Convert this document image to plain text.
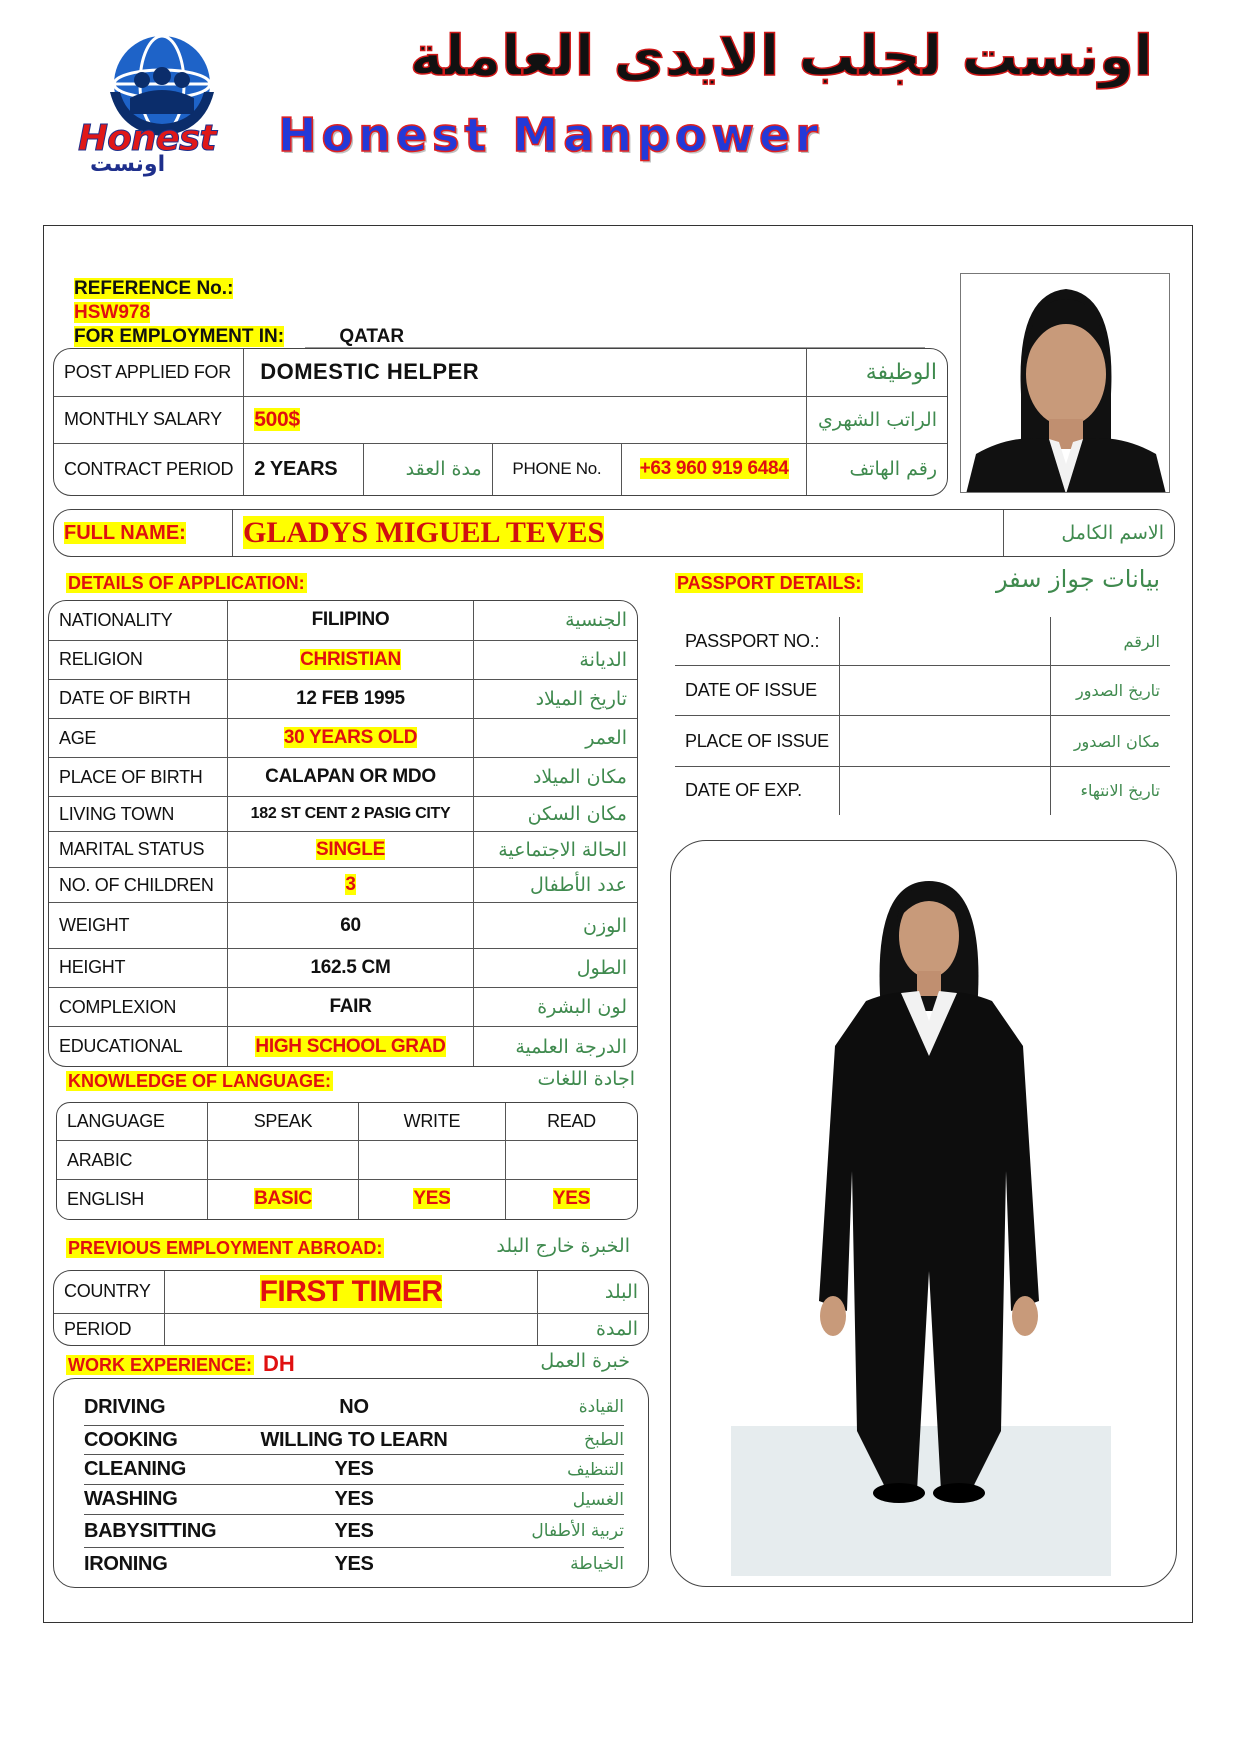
Honest
اونست
اونست لجلب الايدى العاملة
Honest Manpower
REFERENCE No.:
HSW978
FOR EMPLOYMENT IN:	QATAR
POST APPLIED FOR	DOMESTIC HELPER				الوظيفة
MONTHLY SALARY	500$				الراتب الشهري
CONTRACT PERIOD	2 YEARS	مدة العقد	PHONE No.	+63 960 919 6484	رقم الهاتف
FULL NAME:	GLADYS MIGUEL TEVES	الاسم الكامل
DETAILS OF APPLICATION:
NATIONALITY	FILIPINO	الجنسية
RELIGION	CHRISTIAN	الديانة
DATE OF BIRTH	12 FEB 1995	تاريخ الميلاد
AGE	30 YEARS OLD	العمر
PLACE OF BIRTH	CALAPAN OR MDO	مكان الميلاد
LIVING TOWN	182 ST CENT 2 PASIG CITY	مكان السكن
MARITAL STATUS	SINGLE	الحالة الاجتماعية
NO. OF CHILDREN	3	عدد الأطفال
WEIGHT	60	الوزن
HEIGHT	162.5 CM	الطول
COMPLEXION	FAIR	لون البشرة
EDUCATIONAL	HIGH SCHOOL GRAD	الدرجة العلمية
PASSPORT DETAILS:	بيانات جواز سفر
PASSPORT NO.:		الرقم
DATE OF ISSUE		تاريخ الصدور
PLACE OF ISSUE		مكان الصدور
DATE OF EXP.		تاريخ الانتهاء
KNOWLEDGE OF LANGUAGE:	اجادة اللغات
LANGUAGE	SPEAK	WRITE	READ
ARABIC			
ENGLISH	BASIC	YES	YES
PREVIOUS EMPLOYMENT ABROAD:	الخبرة خارج البلد
COUNTRY	FIRST TIMER	البلد
PERIOD		المدة
WORK EXPERIENCE: DH	خبرة العمل
DRIVING	NO	القيادة
COOKING	WILLING TO LEARN	الطبخ
CLEANING	YES	التنظيف
WASHING	YES	الغسيل
BABYSITTING	YES	تربية الأطفال
IRONING	YES	الخياطة
